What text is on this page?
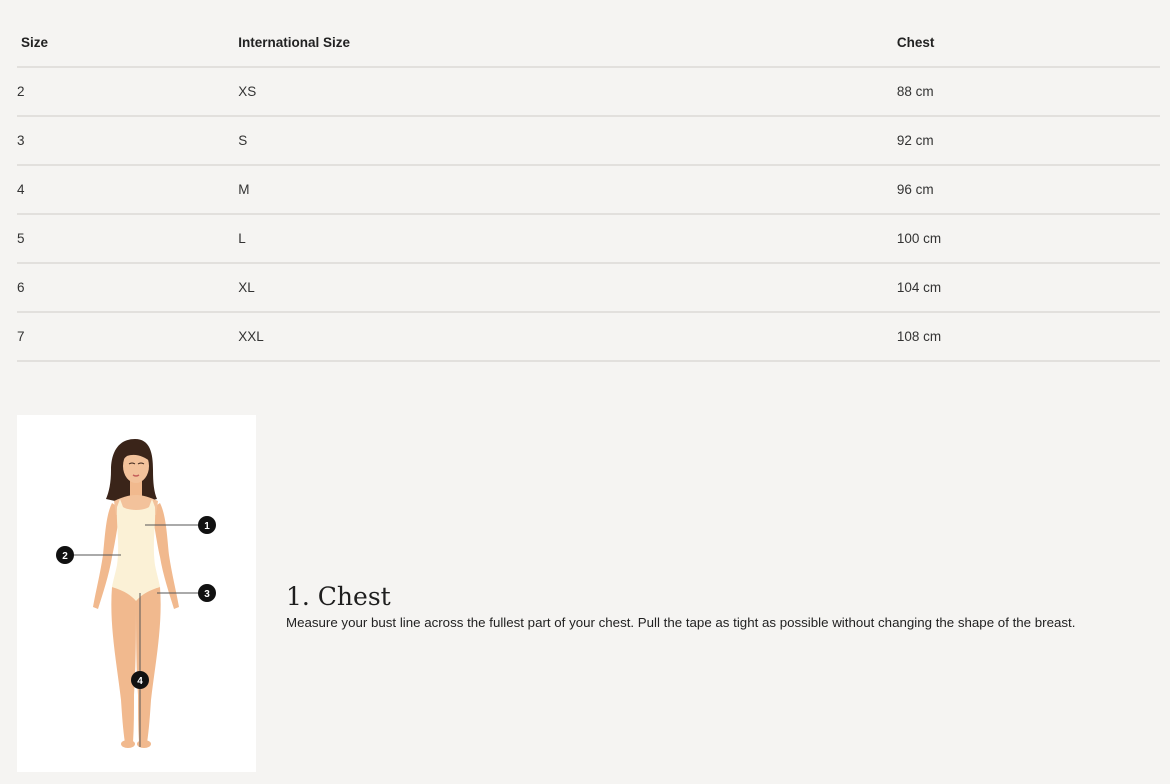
Size	International Size	Chest
2	XS	88 cm
3	S	92 cm
4	M	96 cm
5	L	100 cm
6	XL	104 cm
7	XXL	108 cm
1
2
3
4
1. Chest

Measure your bust line across the fullest part of your chest. Pull the tape as tight as possible without changing the shape of the breast.
